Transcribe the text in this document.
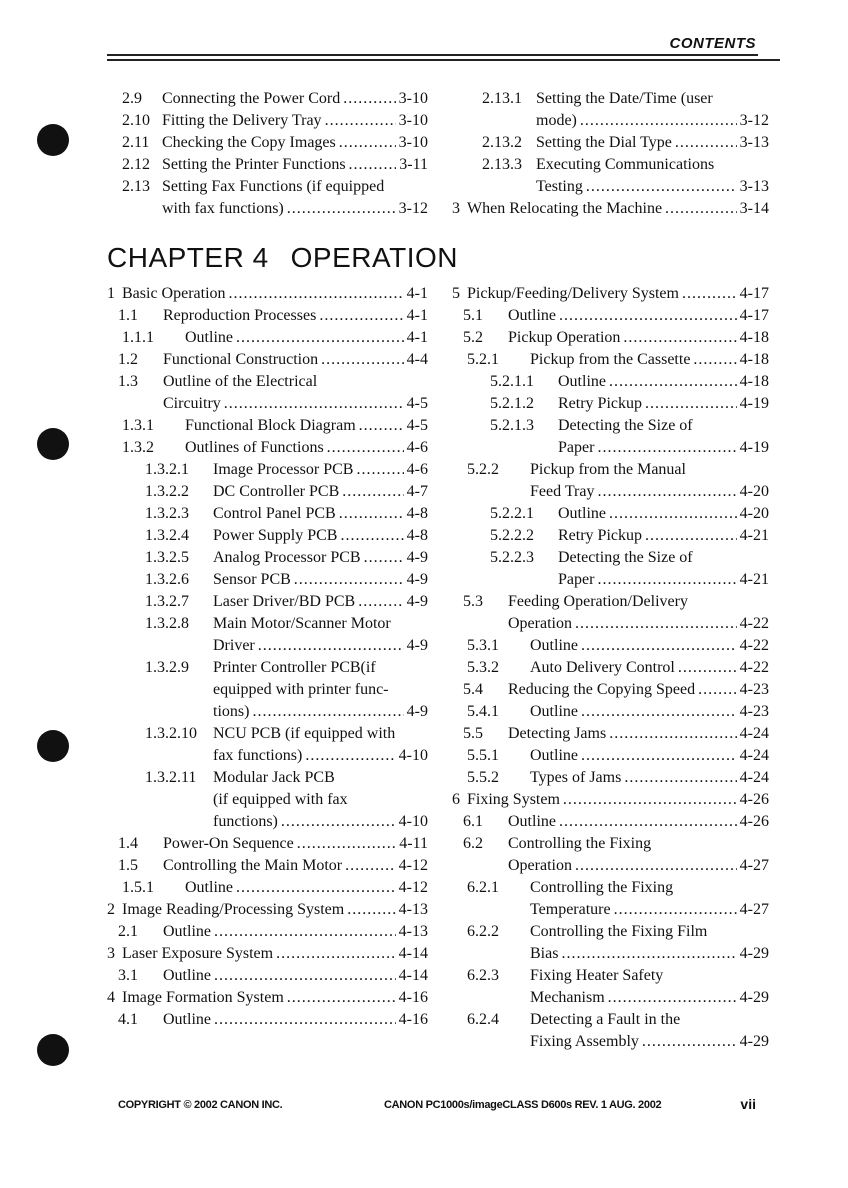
CONTENTS
2.9	Connecting the Power Cord .....	3-10
2.10 Fitting the Delivery Tray .....	3-10
2.11 Checking the Copy Images .....	3-10
2.12 Setting the Printer Functions .....	3-11
2.13 Setting Fax Functions (if equipped
with fax functions) .....	3-12
2.13.1 Setting the Date/Time (user
mode) .....	3-12
2.13.2 Setting the Dial Type .....	3-13
2.13.3 Executing Communications
Testing .....	3-13
3 When Relocating the Machine .....	3-14
CHAPTER 4 OPERATION
1 Basic Operation .....	4-1
1.1	Reproduction Processes .....	4-1
1.1.1	Outline .....	4-1
1.2	Functional Construction .....	4-4
1.3	Outline of the Electrical
Circuitry .....	4-5
1.3.1	Functional Block Diagram .....	4-5
1.3.2	Outlines of Functions .....	4-6
1.3.2.1	Image Processor PCB .....	4-6
1.3.2.2	DC Controller PCB .....	4-7
1.3.2.3	Control Panel PCB .....	4-8
1.3.2.4	Power Supply PCB .....	4-8
1.3.2.5	Analog Processor PCB .....	4-9
1.3.2.6	Sensor PCB .....	4-9
1.3.2.7	Laser Driver/BD PCB .....	4-9
1.3.2.8	Main Motor/Scanner Motor
Driver .....	4-9
1.3.2.9	Printer Controller PCB(if
equipped with printer func-
tions) .....	4-9
1.3.2.10	NCU PCB (if equipped with
fax functions) .....	4-10
1.3.2.11	Modular Jack PCB
(if equipped with fax
functions) .....	4-10
1.4	Power-On Sequence .....	4-11
1.5	Controlling the Main Motor .....	4-12
1.5.1	Outline .....	4-12
2 Image Reading/Processing System .....	4-13
2.1	Outline .....	4-13
3 Laser Exposure System .....	4-14
3.1	Outline .....	4-14
4 Image Formation System .....	4-16
4.1	Outline .....	4-16
5 Pickup/Feeding/Delivery System .....	4-17
5.1	Outline .....	4-17
5.2	Pickup Operation .....	4-18
5.2.1	Pickup from the Cassette .....	4-18
5.2.1.1	Outline .....	4-18
5.2.1.2	Retry Pickup .....	4-19
5.2.1.3	Detecting the Size of
Paper .....	4-19
5.2.2	Pickup from the Manual
Feed Tray .....	4-20
5.2.2.1	Outline .....	4-20
5.2.2.2	Retry Pickup .....	4-21
5.2.2.3	Detecting the Size of
Paper .....	4-21
5.3	Feeding Operation/Delivery
Operation .....	4-22
5.3.1	Outline .....	4-22
5.3.2	Auto Delivery Control .....	4-22
5.4	Reducing the Copying Speed .....	4-23
5.4.1	Outline .....	4-23
5.5	Detecting Jams .....	4-24
5.5.1	Outline .....	4-24
5.5.2	Types of Jams .....	4-24
6 Fixing System .....	4-26
6.1	Outline .....	4-26
6.2	Controlling the Fixing
Operation .....	4-27
6.2.1	Controlling the Fixing
Temperature .....	4-27
6.2.2	Controlling the Fixing Film
Bias .....	4-29
6.2.3	Fixing Heater Safety
Mechanism .....	4-29
6.2.4	Detecting a Fault in the
Fixing Assembly .....	4-29
COPYRIGHT © 2002 CANON INC.	CANON PC1000s/imageCLASS D600s REV. 1 AUG. 2002	vii
